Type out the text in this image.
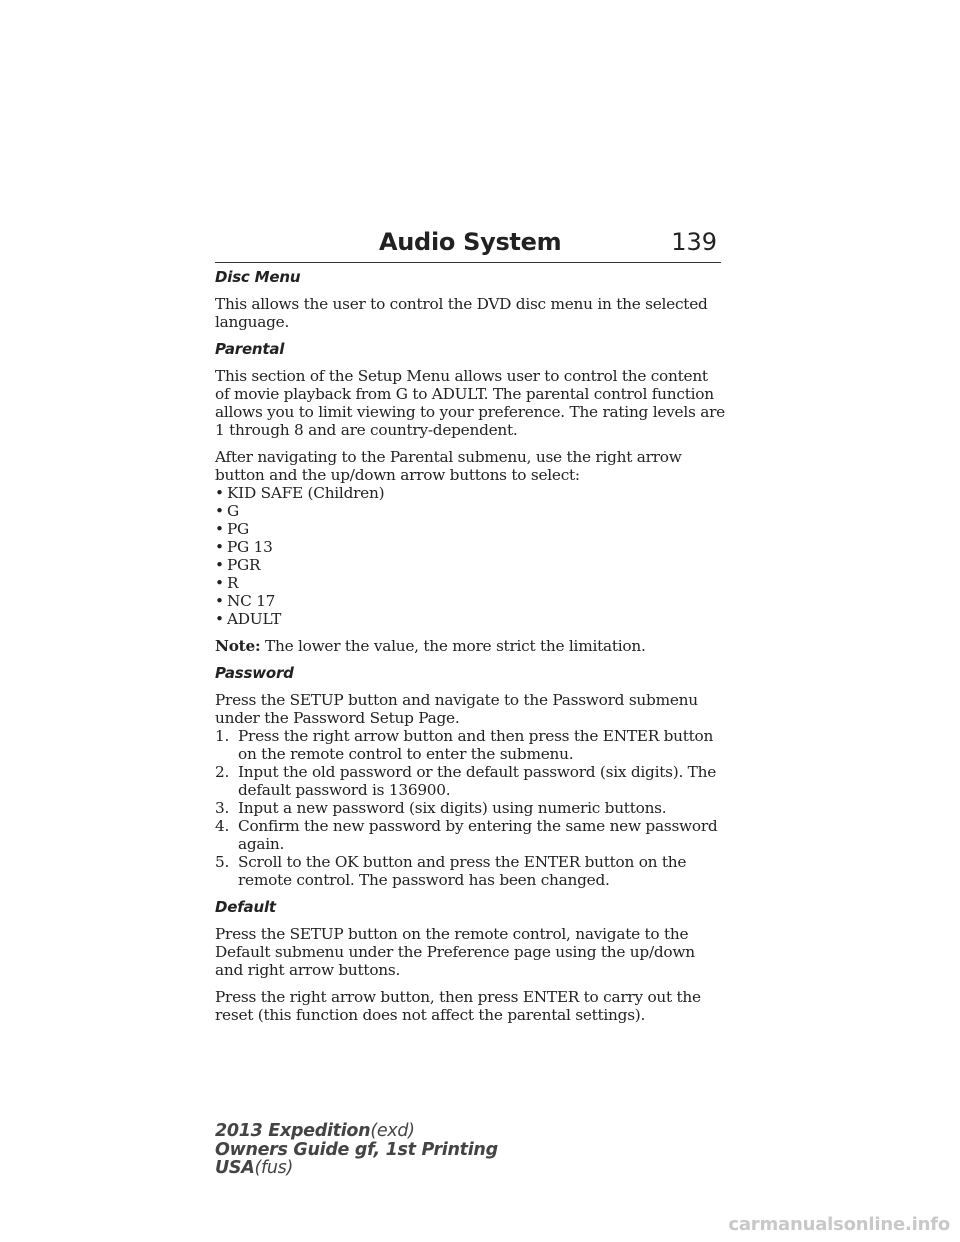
Audio System	139
Disc Menu

This allows the user to control the DVD disc menu in the selected language.

Parental

This section of the Setup Menu allows user to control the content of movie playback from G to ADULT. The parental control function allows you to limit viewing to your preference. The rating levels are 1 through 8 and are country-dependent.

After navigating to the Parental submenu, use the right arrow button and the up/down arrow buttons to select:

• KID SAFE (Children)
• G
• PG
• PG 13
• PGR
• R
• NC 17
• ADULT

Note: The lower the value, the more strict the limitation.

Password

Press the SETUP button and navigate to the Password submenu under the Password Setup Page.

1. Press the right arrow button and then press the ENTER button on the remote control to enter the submenu.
2. Input the old password or the default password (six digits). The default password is 136900.
3. Input a new password (six digits) using numeric buttons.
4. Confirm the new password by entering the same new password again.
5. Scroll to the OK button and press the ENTER button on the remote control. The password has been changed.
Default

Press the SETUP button on the remote control, navigate to the Default submenu under the Preference page using the up/down and right arrow buttons.

Press the right arrow button, then press ENTER to carry out the reset (this function does not affect the parental settings).

2013 Expedition(exd)
Owners Guide gf, 1st Printing
USA(fus)
carmanualsonline.info
